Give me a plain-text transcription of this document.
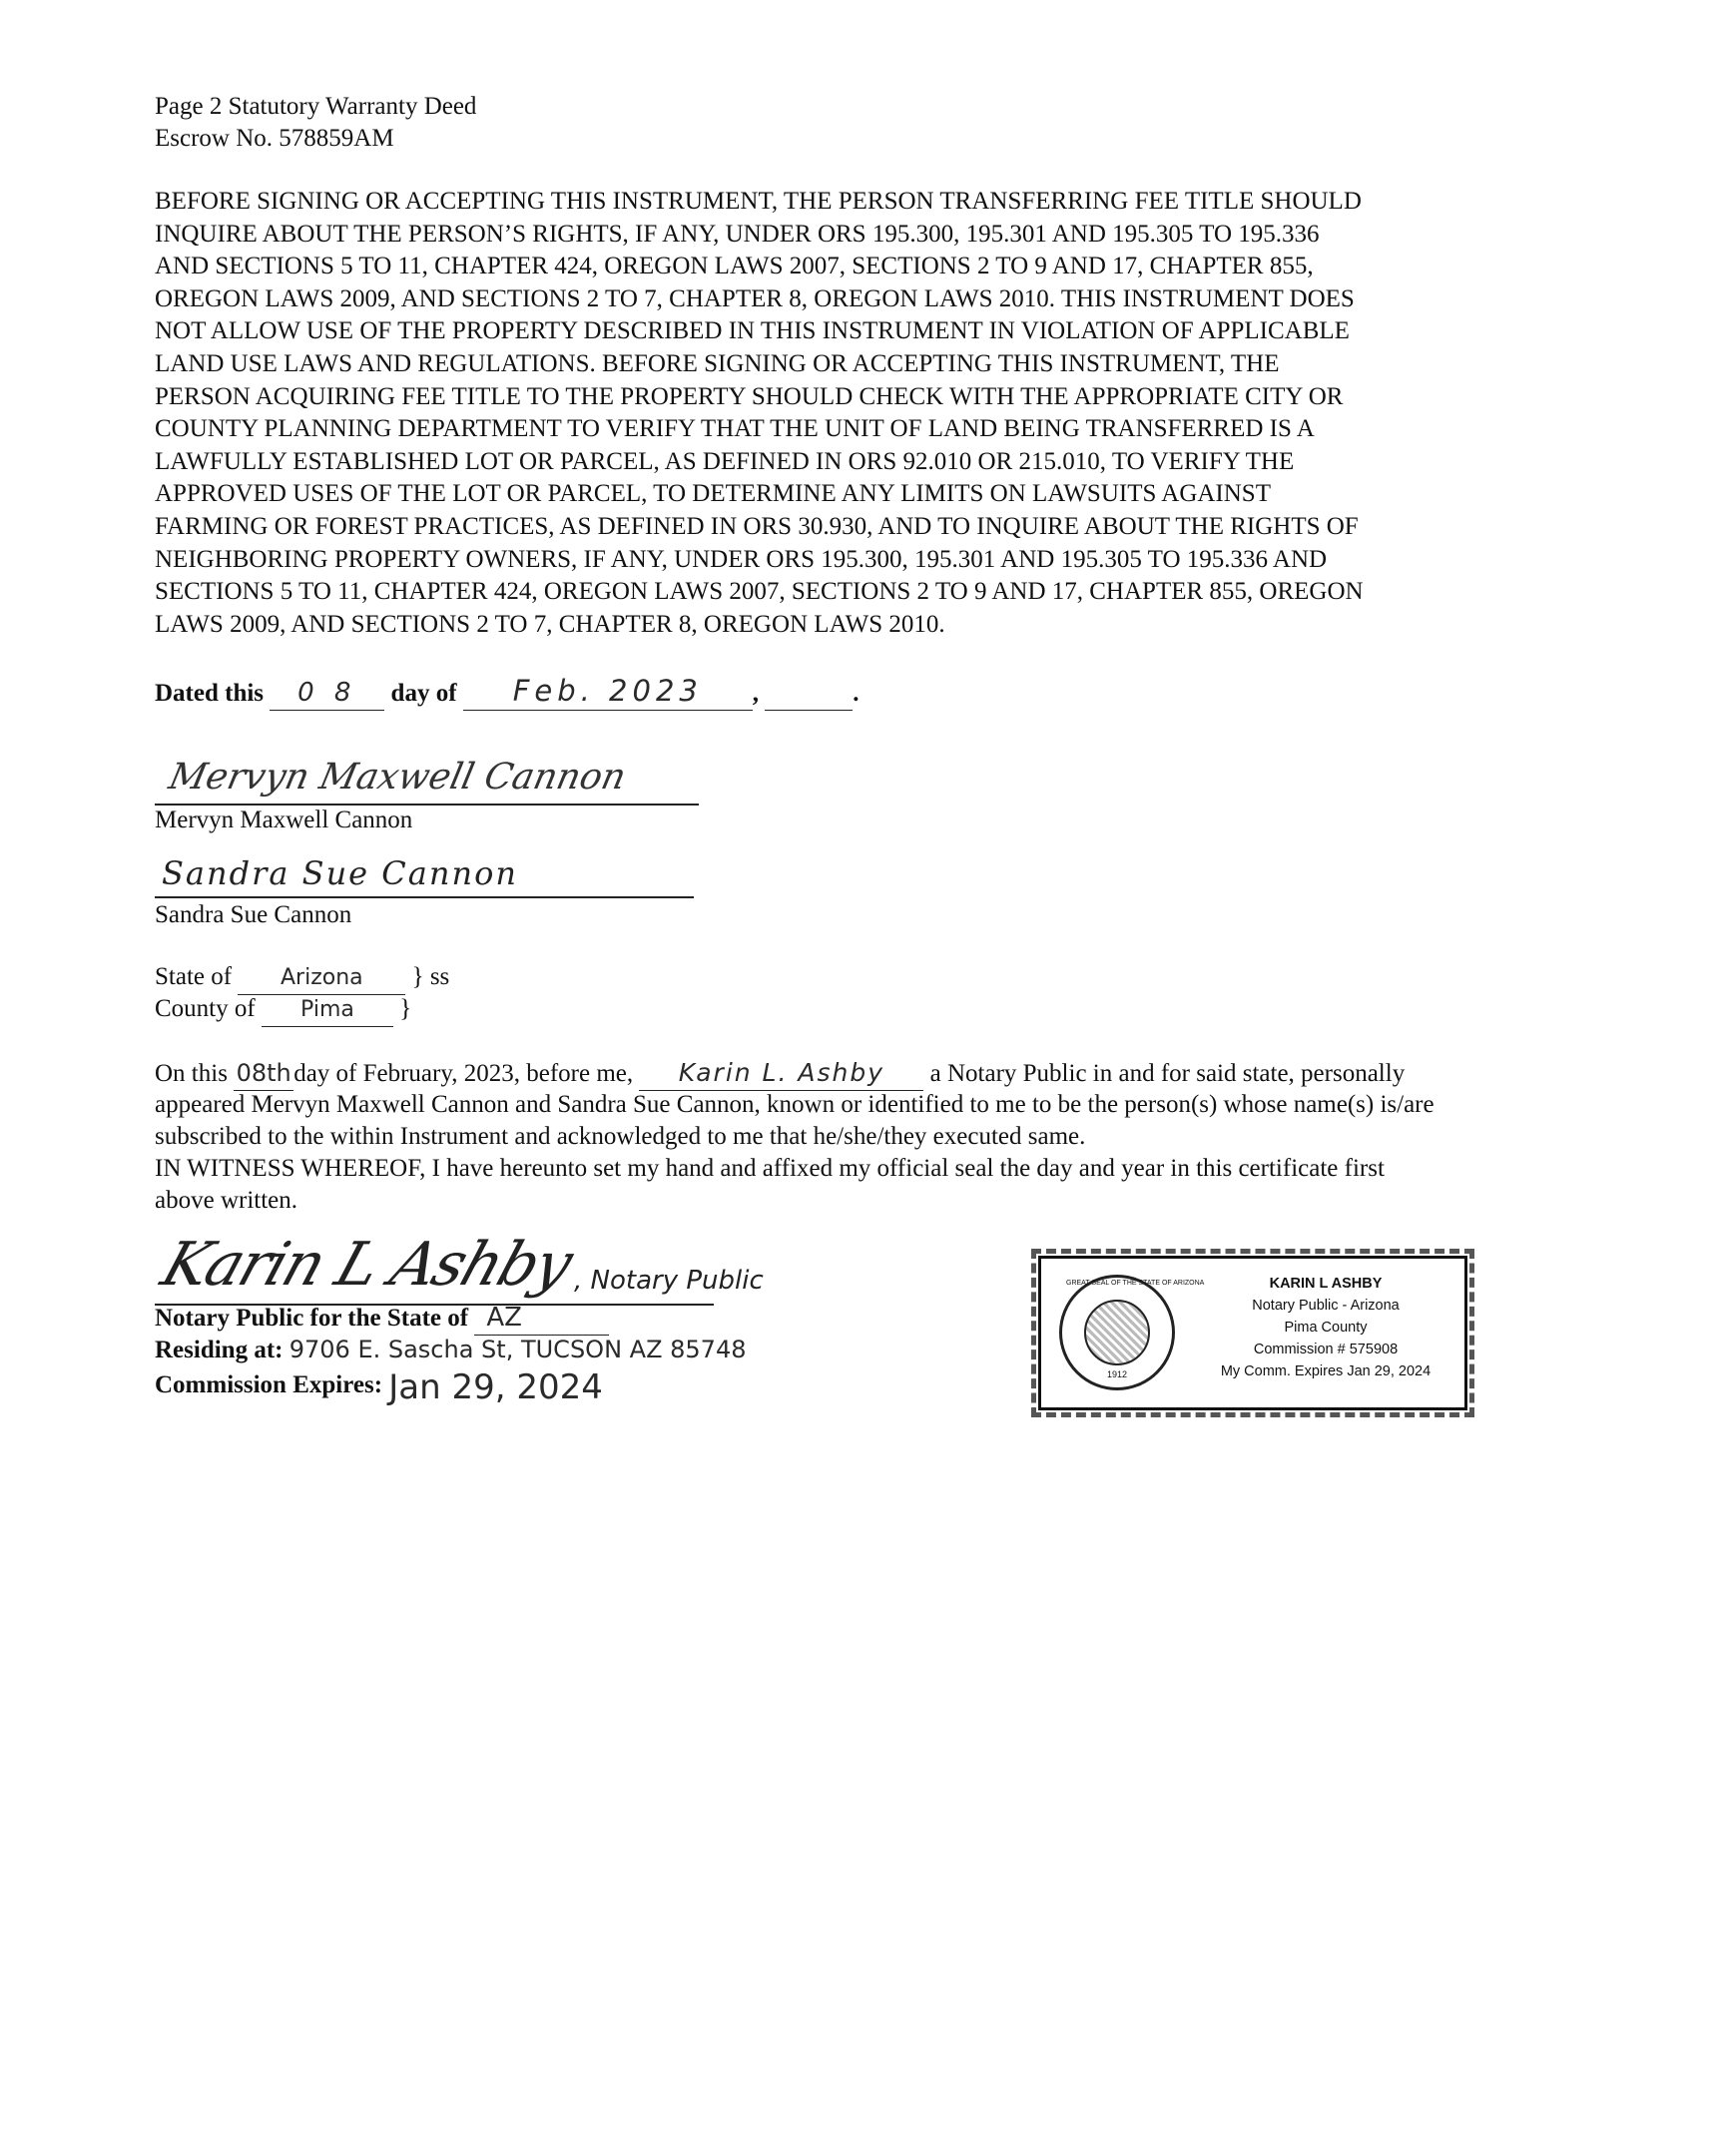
Page 2 Statutory Warranty Deed
Escrow No. 578859AM
BEFORE SIGNING OR ACCEPTING THIS INSTRUMENT, THE PERSON TRANSFERRING FEE TITLE SHOULD
INQUIRE ABOUT THE PERSON’S RIGHTS, IF ANY, UNDER ORS 195.300, 195.301 AND 195.305 TO 195.336
AND SECTIONS 5 TO 11, CHAPTER 424, OREGON LAWS 2007, SECTIONS 2 TO 9 AND 17, CHAPTER 855,
OREGON LAWS 2009, AND SECTIONS 2 TO 7, CHAPTER 8, OREGON LAWS 2010. THIS INSTRUMENT DOES
NOT ALLOW USE OF THE PROPERTY DESCRIBED IN THIS INSTRUMENT IN VIOLATION OF APPLICABLE
LAND USE LAWS AND REGULATIONS. BEFORE SIGNING OR ACCEPTING THIS INSTRUMENT, THE
PERSON ACQUIRING FEE TITLE TO THE PROPERTY SHOULD CHECK WITH THE APPROPRIATE CITY OR
COUNTY PLANNING DEPARTMENT TO VERIFY THAT THE UNIT OF LAND BEING TRANSFERRED IS A
LAWFULLY ESTABLISHED LOT OR PARCEL, AS DEFINED IN ORS 92.010 OR 215.010, TO VERIFY THE
APPROVED USES OF THE LOT OR PARCEL, TO DETERMINE ANY LIMITS ON LAWSUITS AGAINST
FARMING OR FOREST PRACTICES, AS DEFINED IN ORS 30.930, AND TO INQUIRE ABOUT THE RIGHTS OF
NEIGHBORING PROPERTY OWNERS, IF ANY, UNDER ORS 195.300, 195.301 AND 195.305 TO 195.336 AND
SECTIONS 5 TO 11, CHAPTER 424, OREGON LAWS 2007, SECTIONS 2 TO 9 AND 17, CHAPTER 855, OREGON
LAWS 2009, AND SECTIONS 2 TO 7, CHAPTER 8, OREGON LAWS 2010.
Dated this 0 8 day of Feb. 2023 ,	.
Mervyn Maxwell Cannon
Mervyn Maxwell Cannon
Sandra Sue Cannon
Sandra Sue Cannon
State of Arizona } ss
County of Pima }
On this 08thday of February, 2023, before me, Karin L. Ashby a Notary Public in and for said state, personally
appeared Mervyn Maxwell Cannon and Sandra Sue Cannon, known or identified to me to be the person(s) whose name(s) is/are
subscribed to the within Instrument and acknowledged to me that he/she/they executed same.
IN WITNESS WHEREOF, I have hereunto set my hand and affixed my official seal the day and year in this certificate first
above written.
Karin L Ashby
, Notary Public
Notary Public for the State of AZ
Residing at: 9706 E. Sascha St, TUCSON AZ 85748
Commission Expires: Jan 29, 2024
GREAT SEAL OF THE STATE OF ARIZONA
1912
KARIN L ASHBY
Notary Public - Arizona
Pima County
Commission # 575908
My Comm. Expires Jan 29, 2024
